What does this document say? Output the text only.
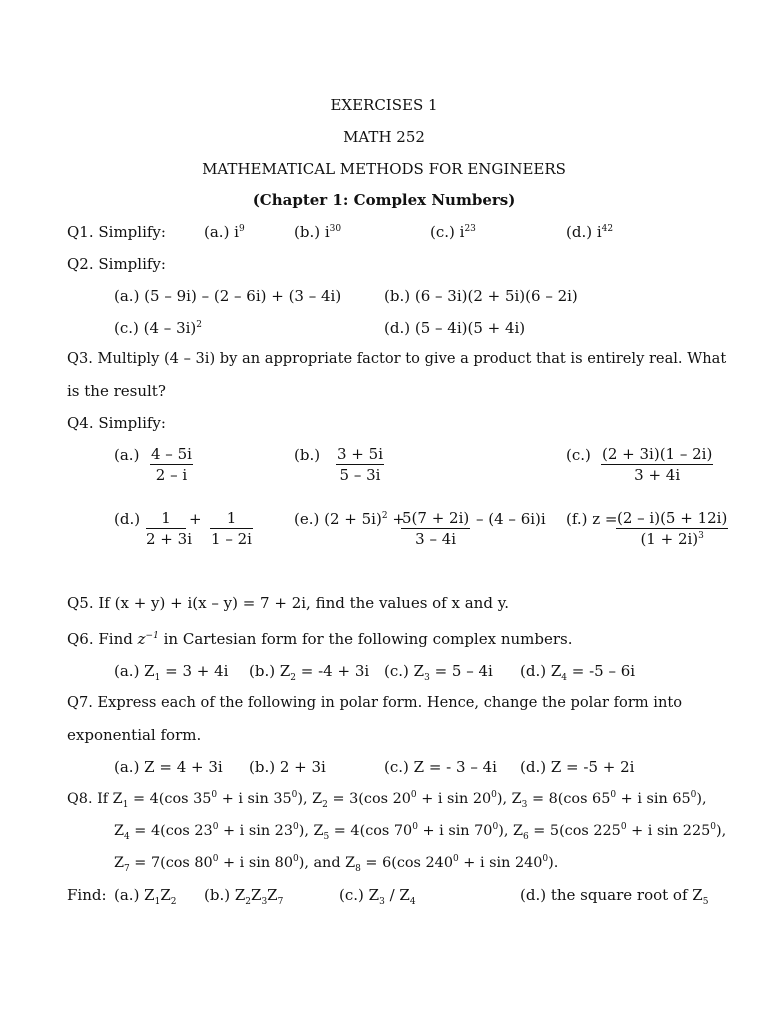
EXERCISES 1
MATH 252
MATHEMATICAL METHODS FOR ENGINEERS
(Chapter 1: Complex Numbers)
Q1. Simplify:	(a.) $i^9$	(b.) $i^{30}$	(c.) $i^{23}$	(d.) $i^{42}$
Q2. Simplify:
(a.) (5 – 9i) – (2 – 6i) + (3 – 4i)	(b.) (6 – 3i)(2 + 5i)(6 – 2i)
(c.) (4 – 3i)$^2$	(d.) (5 – 4i)(5 + 4i)
Q3. Multiply (4 – 3i) by an appropriate factor to give a product that is entirely real. What
is the result?
Q4. Simplify:
$(a.) \frac{4 - 5i}{2 - i}$	$(b.) \frac{3 + 5i}{5 - 3i}$	$(c.) \frac{(2 + 3i)(1 - 2i)}{3 + 4i}$
$(d.) \frac{1}{2 + 3i} + \frac{1}{1 - 2i}$	(e.) $(2 + 5i)^2$ +
$\frac{5(7 + 2i)}{3 - 4i} - (4 - 6i)i$ (f.) z =
$\frac{(2 - i)(5 + 12i)}{(1 + 2i)^3}$
Q5. If (x + y) + i(x – y) = 7 + 2i, find the values of x and y.
Q6. Find $z^{-1}$ in Cartesian form for the following complex numbers.
(a.) $Z_1 = 3 + 4i$ (b.) $Z_2 = -4 + 3i$ (c.) $Z_3 = 5 - 4i$ (d.) $Z_4 = -5 - 6i$
Q7. Express each of the following in polar form. Hence, change the polar form into
exponential form.
(a.) Z = 4 + 3i (b.) 2 + 3i	(c.) Z = - 3 – 4i (d.) Z = -5 + 2i
Q8. If $Z_1 = 4(\cos$ $35^0 + i$ $\sin 35^0$), $Z_2 = 3(\cos$ $20^0 + i$ $\sin 20^0$), $Z_3 = 8(\cos$ $65^0 + i$ $\sin 65^0$),
$Z_4 = 4(\cos$ $23^0 + i$ $\sin 23^0$), $Z_5 = 4(\cos$ $70^0 + i$ $\sin 70^0$), $Z_6 = 5(\cos$ $225^0 + i$ $\sin 225^0$),
$Z_7 = 7(\cos$ $80^0 + i$ $\sin 80^0$), and $Z_8 = 6(\cos$ $240^0 + i$ $\sin 240^0$).
Find: (a.) $Z_1Z_2$ (b.) $Z_2Z_3Z_7$	(c.) $Z_3 / Z_4$	(d.) the square root of $Z_5$
